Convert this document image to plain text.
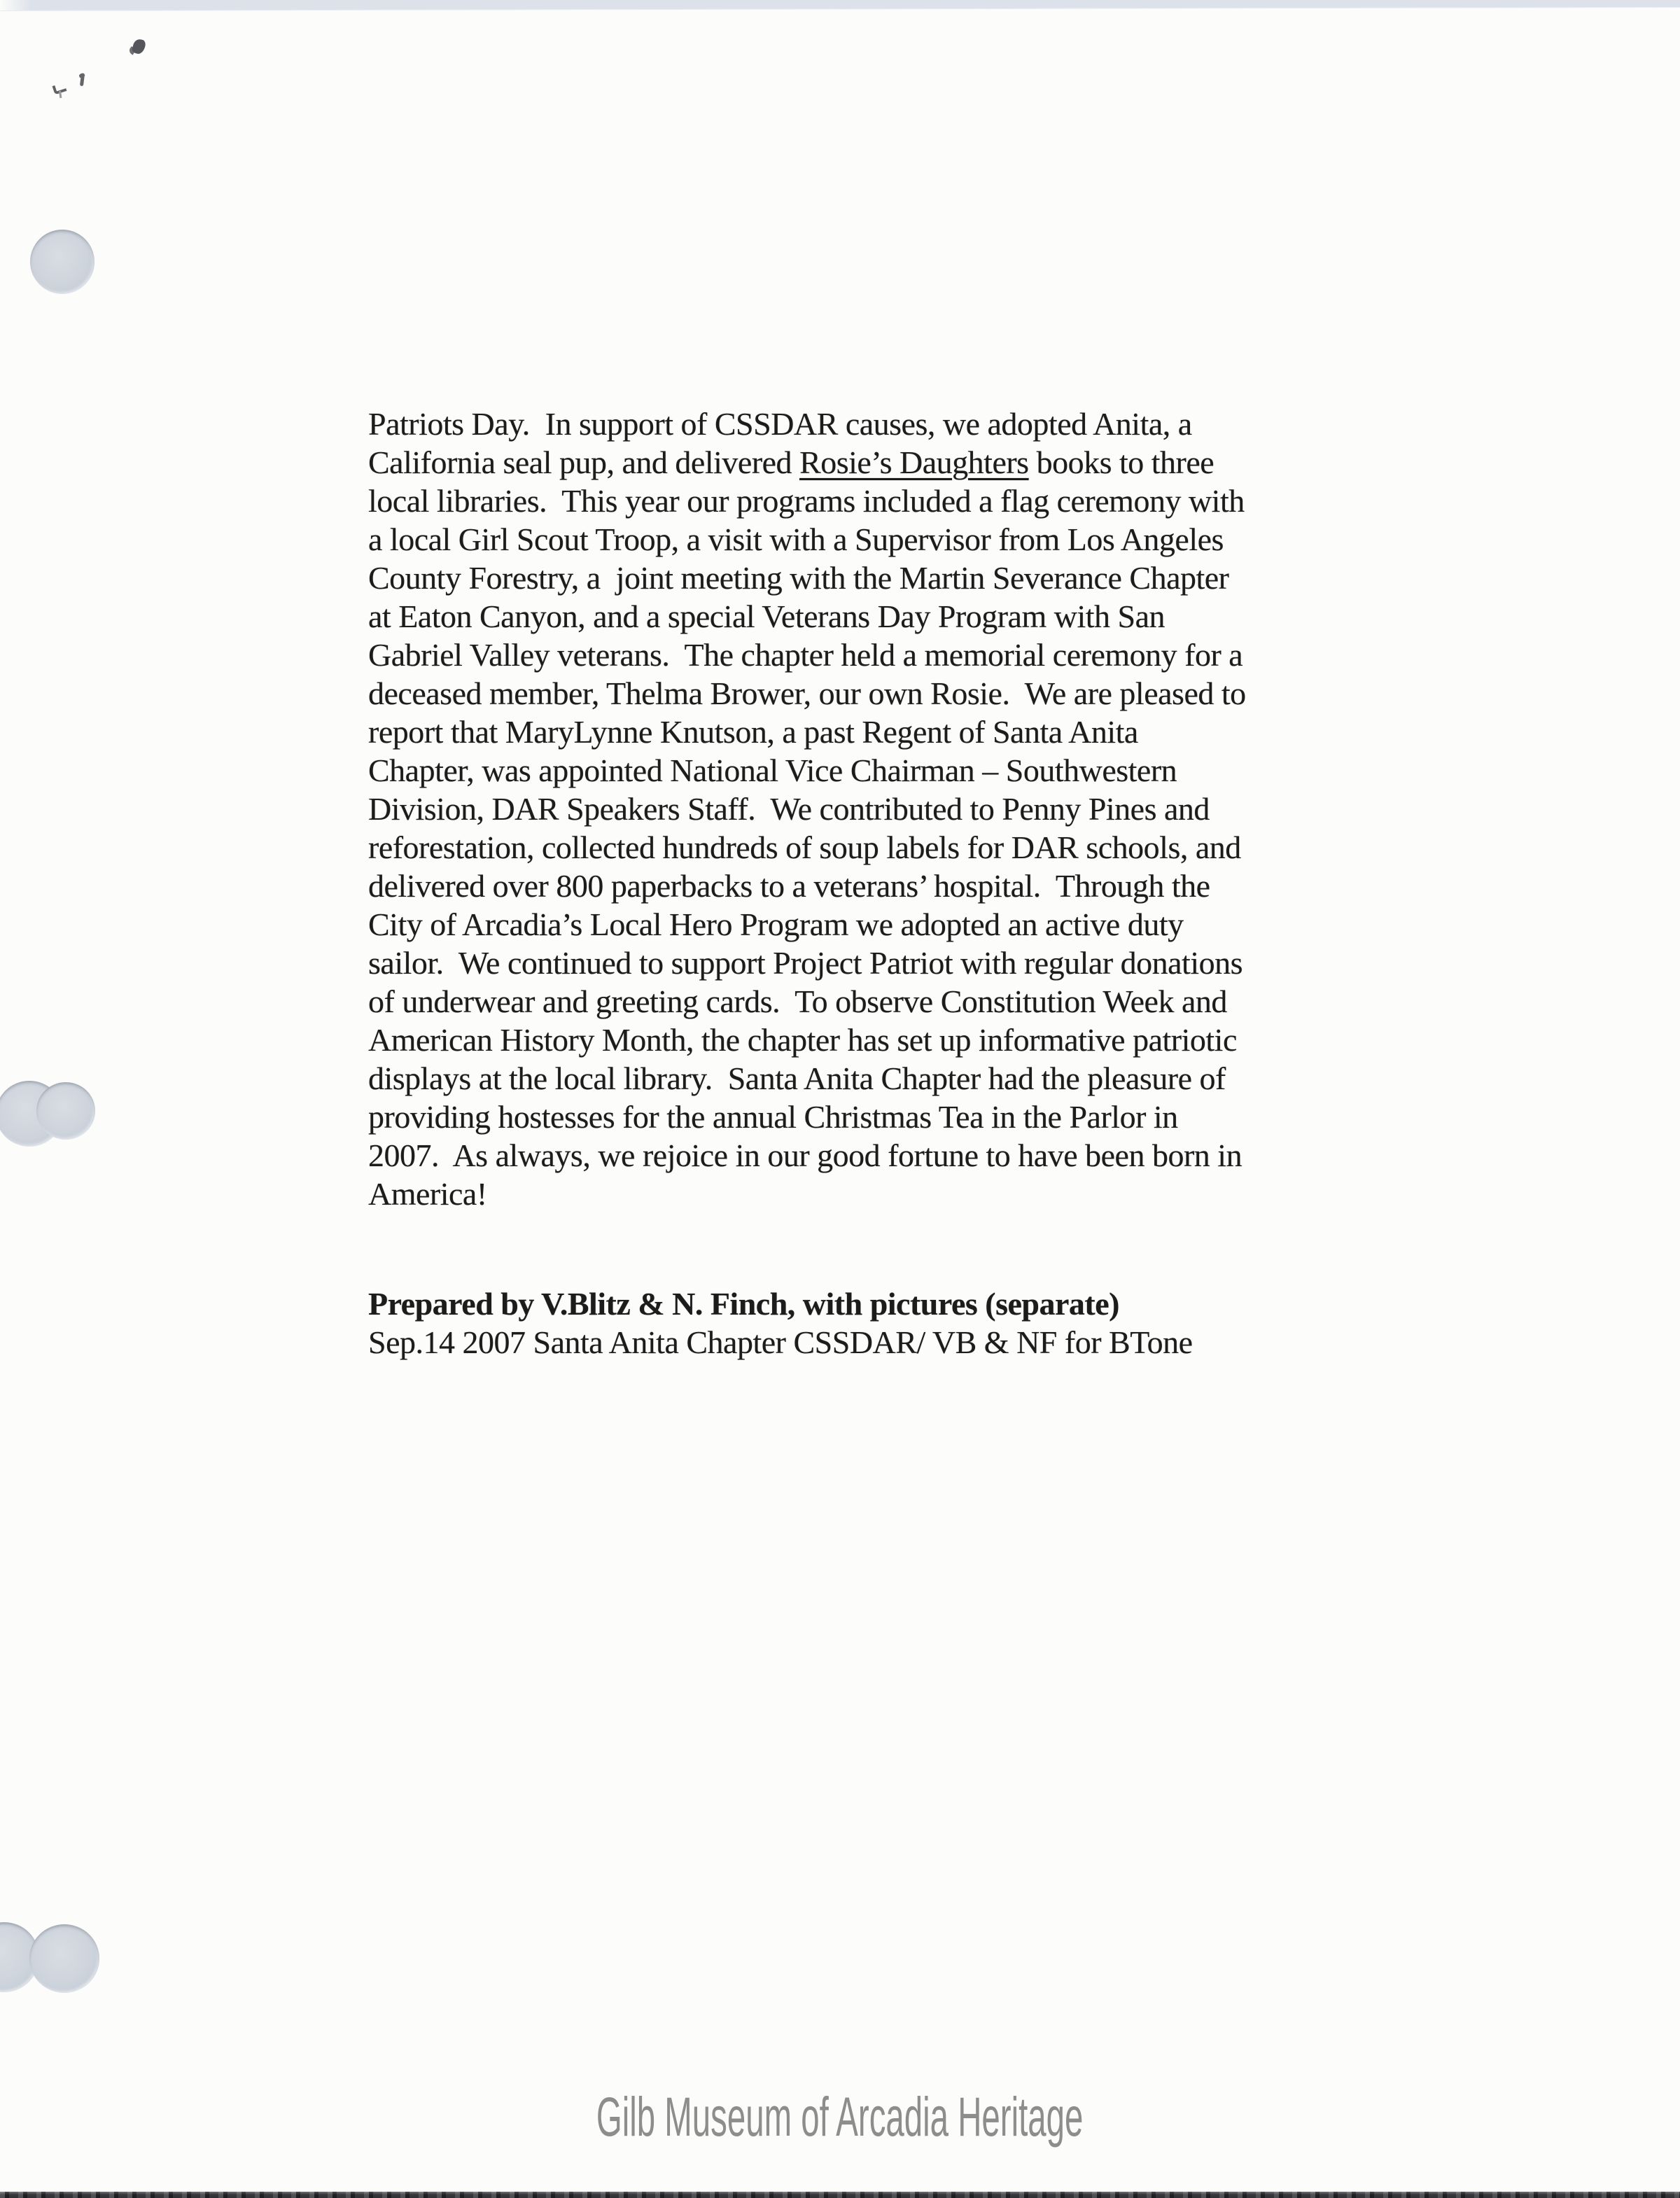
Patriots Day.  In support of CSSDAR causes, we adopted Anita, a
California seal pup, and delivered Rosie’s Daughters books to three
local libraries.  This year our programs included a flag ceremony with
a local Girl Scout Troop, a visit with a Supervisor from Los Angeles
County Forestry, a  joint meeting with the Martin Severance Chapter
at Eaton Canyon, and a special Veterans Day Program with San
Gabriel Valley veterans.  The chapter held a memorial ceremony for a
deceased member, Thelma Brower, our own Rosie.  We are pleased to
report that MaryLynne Knutson, a past Regent of Santa Anita
Chapter, was appointed National Vice Chairman – Southwestern
Division, DAR Speakers Staff.  We contributed to Penny Pines and
reforestation, collected hundreds of soup labels for DAR schools, and
delivered over 800 paperbacks to a veterans’ hospital.  Through the
City of Arcadia’s Local Hero Program we adopted an active duty
sailor.  We continued to support Project Patriot with regular donations
of underwear and greeting cards.  To observe Constitution Week and
American History Month, the chapter has set up informative patriotic
displays at the local library.  Santa Anita Chapter had the pleasure of
providing hostesses for the annual Christmas Tea in the Parlor in
2007.  As always, we rejoice in our good fortune to have been born in
America!
Prepared by V.Blitz & N. Finch, with pictures (separate)
Sep.14 2007 Santa Anita Chapter CSSDAR/ VB & NF for BTone
Gilb Museum of Arcadia Heritage
